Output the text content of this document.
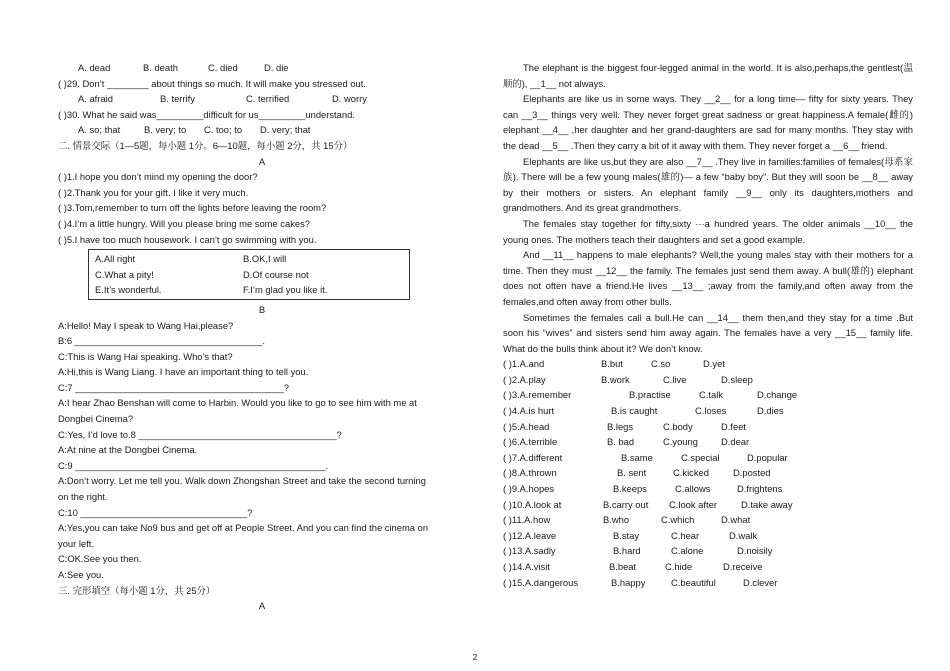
A. dead	B. death	C. died	D. die
( )29. Don’t ________ about things so much. It will make you stressed out.
A. afraid	B. terrify	C. terrified	D. worry
( )30. What he said was_________difficult for us_________understand.
A. so; that	B. very; to C. too; to D. very; that
二. 情景交际（1—5题，每小题 1分。6—10题，每小题 2分，共 15分）
A
( )1.I hope you don’t mind my opening the door?
( )2.Thank you for your gift. I like it very much.
( )3.Tom,remember to turn off the lights before leaving the room?
( )4.I’m a little hungry. Will you please bring me some cakes?
( )5.I have too much housework. I can’t go swimming with you.
A.All right	B.OK,I will
C.What a pity!	D.Of course not
E.It’s wonderful.	F.I’m glad you like it.
B
A:Hello! May I speak to Wang Hai,please?
B:6 ____________________________________.
C:This is Wang Hai speaking. Who’s that?
A:Hi,this is Wang Liang. I have an important thing to tell you.
C:7 ________________________________________?
A:I hear Zhao Benshan will come to Harbin. Would you like to go to see him with me at
Dongbei Cinema?
C:Yes, I’d love to.8 ______________________________________?
A:At nine at the Dongbei Cinema.
C:9 ________________________________________________.
A:Don’t worry. Let me tell you. Walk down Zhongshan Street and take the second turning
on the right.
C:10 ________________________________?
A:Yes,you can take No9 bus and get off at People Street. And you can find the cinema on
your left.
C:OK.See you then.
A:See you.
三. 完形填空（每小题 1分，共 25分）
A
The elephant is the biggest four-legged animal in the world. It is also,perhaps,the gentlest(温顺的), __1__ not always.
Elephants are like us in some ways. They __2__ for a long time— fifty for sixty years. They can __3__ things very well. They never forget great sadness or great happiness.A female(雌的) elephant __4__ ,her daughter and her grand-daughters are sad for many months. They stay with the dead __5__ .Then they carry a bit of it away with them. They never forget a __6__ friend.
Elephants are like us,but they are also __7__ .They live in families:families of females(母系家族). There will be a few young males(雄的)— a few “baby boy”. But they will soon be __8__ away by their mothers or sisters. An elephant family __9__ only its daughters,mothers and grandmothers. And its great grandmothers.
The females stay together for fifty,sixty ···a hundred years. The older animals __10__ the young ones. The mothers teach their daughters and set a good example.
And __11__ happens to male elephants? Well,the young males stay with their mothers for a time. Then they must __12__ the family. The females just send them away. A bull(雄的) elephant does not often have a friend.He lives __13__ ;away from the family,and often away from the females,and often away from other bulls.
Sometimes the females call a bull.He can __14__ them then,and they stay for a time .But soon his “wives” and sisters send him away again. The females have a very __15__ family life. What do the bulls think about it? We don’t know.
( )1.A.and	B.but	C.so	D.yet
( )2.A.play	B.work	C.live	D.sleep
( )3.A.remember	B.practise	C.talk	D.change
( )4.A.is hurt	B.is caught	C.loses	D.dies
( )5.A.head	B.legs	C.body	D.feet
( )6.A.terrible	B. bad	C.young D.dear
( )7.A.different	B.same	C.special	D.popular
( )8.A.thrown	B. sent	C.kicked	D.posted
( )9.A.hopes	B.keeps	C.allows	D.frightens
( )10.A.look at	B.carry out C.look after	D.take away
( )11.A.how	B.who	C.which	D.what
( )12.A.leave	B.stay	C.hear	D.walk
( )13.A.sadly	B.hard	C.alone	D.noisily
( )14.A.visit	B.beat	C.hide	D.receive
( )15.A.dangerous	B.happy	C.beautiful	D.clever
2
